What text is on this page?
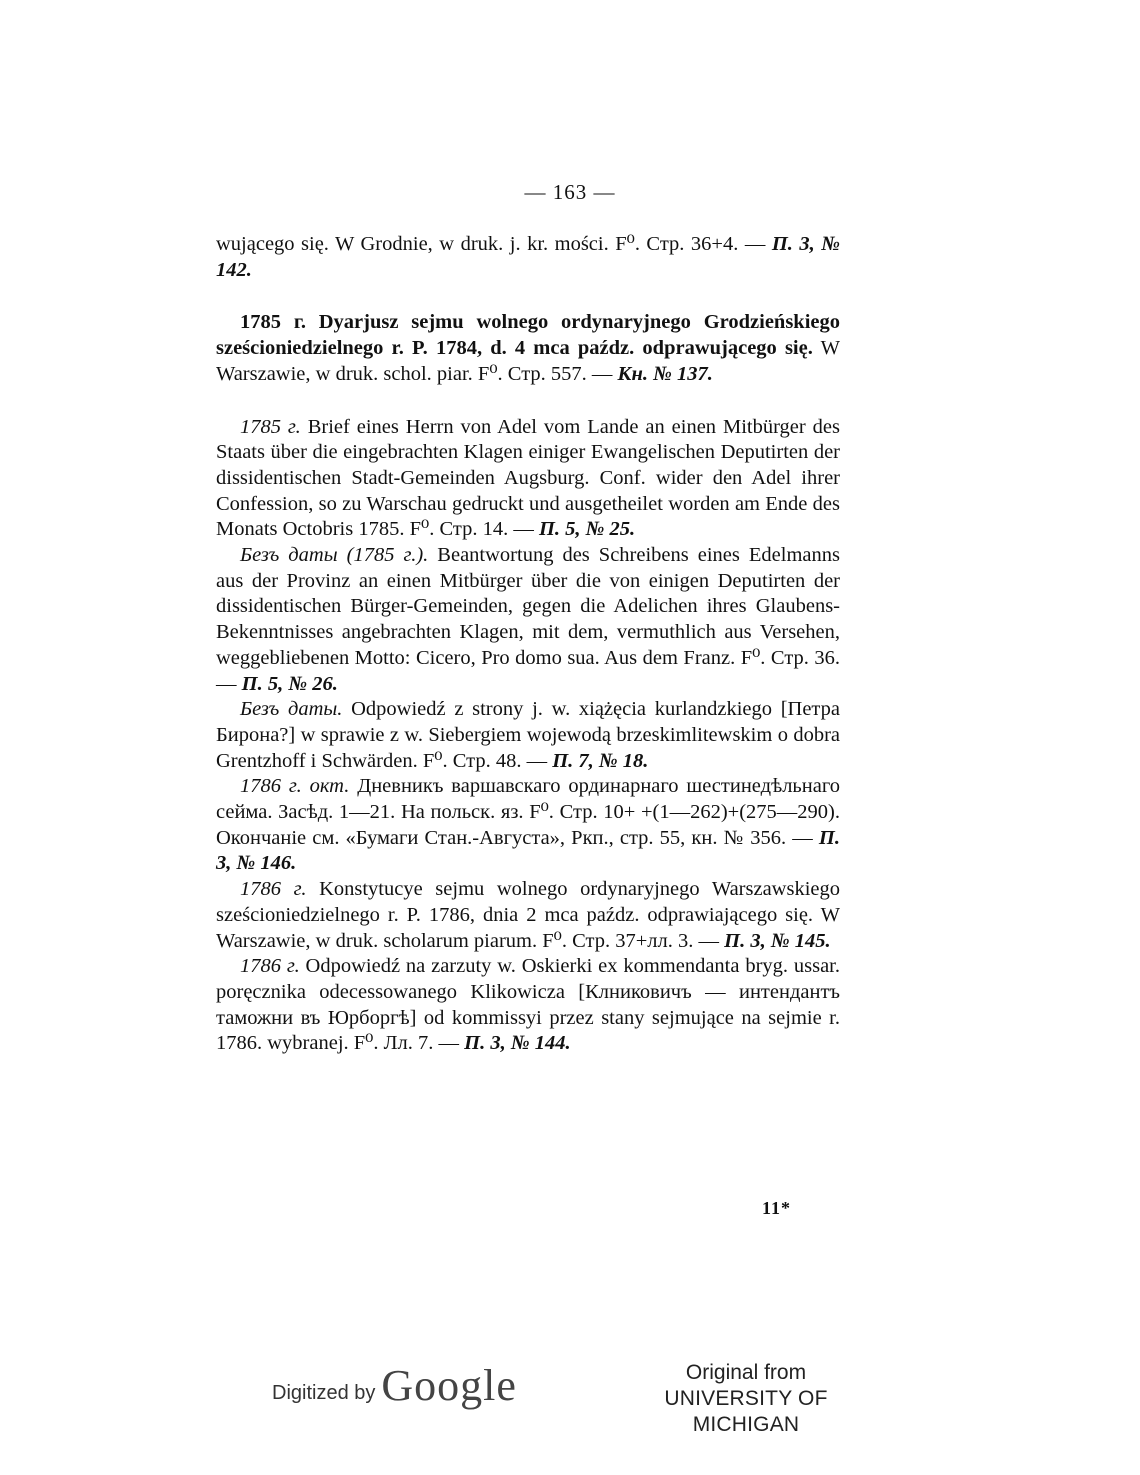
— 163 —

wującego się. W Grodnie, w druk. j. kr. mości. F⁰. Стр. 36+4. — П. 3, № 142.

1785 г. Dyarjusz sejmu wolnego ordynaryjnego Grodzieńskiego sześcioniedzielnego r. P. 1784, d. 4 mca paźdz. odprawującego się. W Warszawie, w druk. schol. piar. F⁰. Стр. 557. — Кн. № 137.

1785 г. Brief eines Herrn von Adel vom Lande an einen Mitbürger des Staats über die eingebrachten Klagen einiger Ewangelischen Deputirten der dissidentischen Stadt-Gemeinden Augsburg. Conf. wider den Adel ihrer Confession, so zu Warschau gedruckt und ausgetheilet worden am Ende des Monats Octobris 1785. F⁰. Стр. 14. — П. 5, № 25.

Безъ даты (1785 г.). Beantwortung des Schreibens eines Edelmanns aus der Provinz an einen Mitbürger über die von einigen Deputirten der dissidentischen Bürger-Gemeinden, gegen die Adelichen ihres Glaubens-Bekenntnisses angebrachten Klagen, mit dem, vermuthlich aus Versehen, weggebliebenen Motto: Cicero, Pro domo sua. Aus dem Franz. F⁰. Стр. 36. — П. 5, № 26.

Безъ даты. Odpowiedź z strony j. w. xiążęcia kurlandzkiego [Петра Бирона?] w sprawie z w. Siebergiem wojewodą brzeskimlitewskim o dobra Grentzhoff i Schwärden. F⁰. Стр. 48. — П. 7, № 18.

1786 г. окт. Дневникъ варшавскаго ординарнаго шестинедѣльнаго сейма. Засѣд. 1—21. На польск. яз. F⁰. Стр. 10+ +(1—262)+(275—290). Окончаніе см. «Бумаги Стан.-Августа», Ркп., стр. 55, кн. № 356. — П. 3, № 146.

1786 г. Konstytucye sejmu wolnego ordynaryjnego Warszawskiego sześcioniedzielnego r. P. 1786, dnia 2 mca paźdz. odprawiającego się. W Warszawie, w druk. scholarum piarum. F⁰. Стр. 37+лл. 3. — П. 3, № 145.

1786 г. Odpowiedź na zarzuty w. Oskierki ex kommendanta bryg. ussar. poręcznika odecessowanego Klikowicza [Клниковичъ — интендантъ таможни въ Юрборгѣ] od kommissyi przez stany sejmujące na sejmie r. 1786. wybranej. F⁰. Лл. 7. — П. 3, № 144.

11*
Digitized by Google	Original from
UNIVERSITY OF MICHIGAN
